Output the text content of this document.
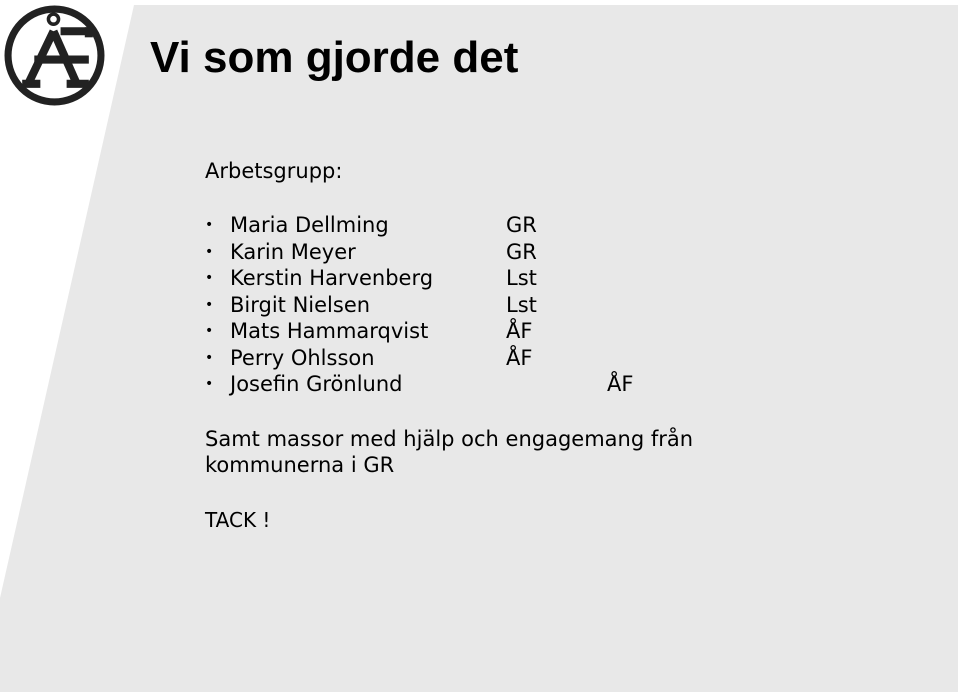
Vi som gjorde det

Arbetsgrupp:

• Maria Dellming	GR
• Karin Meyer	GR
• Kerstin Harvenberg	Lst
• Birgit Nielsen	Lst
• Mats Hammarqvist	ÅF
• Perry Ohlsson	ÅF
• Josefin Grönlund	ÅF

Samt massor med hjälp och engagemang från
kommunerna i GR

TACK !
